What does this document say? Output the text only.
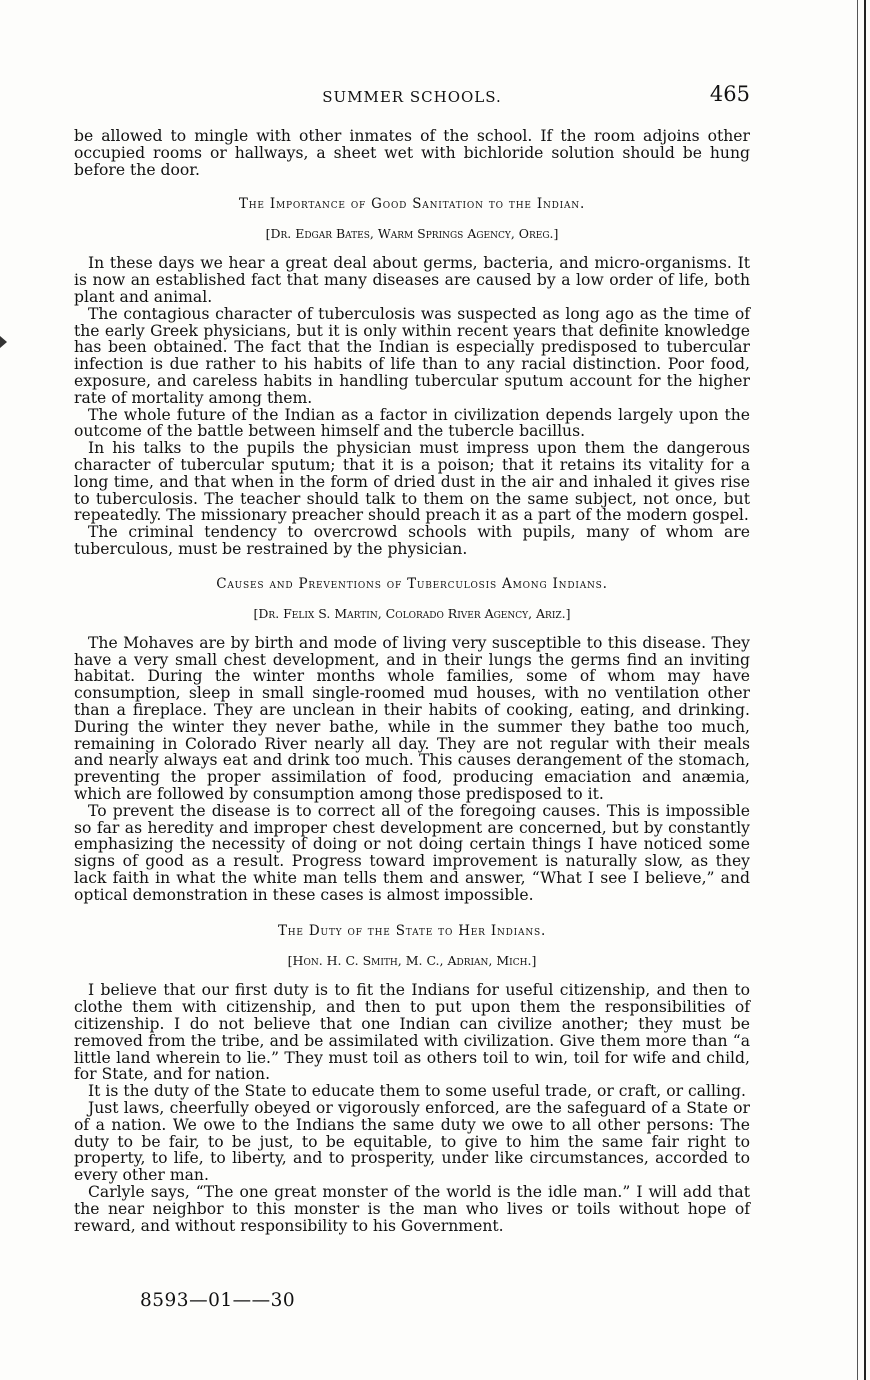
SUMMER SCHOOLS.	465

be allowed to mingle with other inmates of the school. If the room adjoins other occupied rooms or hallways, a sheet wet with bichloride solution should be hung before the door.

The Importance of Good Sanitation to the Indian.

[Dr. Edgar Bates, Warm Springs Agency, Oreg.]

In these days we hear a great deal about germs, bacteria, and micro-organisms. It is now an established fact that many diseases are caused by a low order of life, both plant and animal.

The contagious character of tuberculosis was suspected as long ago as the time of the early Greek physicians, but it is only within recent years that definite knowledge has been obtained. The fact that the Indian is especially predisposed to tubercular infection is due rather to his habits of life than to any racial distinction. Poor food, exposure, and careless habits in handling tubercular sputum account for the higher rate of mortality among them.

The whole future of the Indian as a factor in civilization depends largely upon the outcome of the battle between himself and the tubercle bacillus.

In his talks to the pupils the physician must impress upon them the dangerous character of tubercular sputum; that it is a poison; that it retains its vitality for a long time, and that when in the form of dried dust in the air and inhaled it gives rise to tuberculosis. The teacher should talk to them on the same subject, not once, but repeatedly. The missionary preacher should preach it as a part of the modern gospel.

The criminal tendency to overcrowd schools with pupils, many of whom are tuberculous, must be restrained by the physician.

Causes and Preventions of Tuberculosis Among Indians.

[Dr. Felix S. Martin, Colorado River Agency, Ariz.]

The Mohaves are by birth and mode of living very susceptible to this disease. They have a very small chest development, and in their lungs the germs find an inviting habitat. During the winter months whole families, some of whom may have consumption, sleep in small single-roomed mud houses, with no ventilation other than a fireplace. They are unclean in their habits of cooking, eating, and drinking. During the winter they never bathe, while in the summer they bathe too much, remaining in Colorado River nearly all day. They are not regular with their meals and nearly always eat and drink too much. This causes derangement of the stomach, preventing the proper assimilation of food, producing emaciation and anæmia, which are followed by consumption among those predisposed to it.

To prevent the disease is to correct all of the foregoing causes. This is impossible so far as heredity and improper chest development are concerned, but by constantly emphasizing the necessity of doing or not doing certain things I have noticed some signs of good as a result. Progress toward improvement is naturally slow, as they lack faith in what the white man tells them and answer, “What I see I believe,” and optical demonstration in these cases is almost impossible.

The Duty of the State to Her Indians.

[Hon. H. C. Smith, M. C., Adrian, Mich.]

I believe that our first duty is to fit the Indians for useful citizenship, and then to clothe them with citizenship, and then to put upon them the responsibilities of citizenship. I do not believe that one Indian can civilize another; they must be removed from the tribe, and be assimilated with civilization. Give them more than “a little land wherein to lie.” They must toil as others toil to win, toil for wife and child, for State, and for nation.

It is the duty of the State to educate them to some useful trade, or craft, or calling.

Just laws, cheerfully obeyed or vigorously enforced, are the safeguard of a State or of a nation. We owe to the Indians the same duty we owe to all other persons: The duty to be fair, to be just, to be equitable, to give to him the same fair right to property, to life, to liberty, and to prosperity, under like circumstances, accorded to every other man.

Carlyle says, “The one great monster of the world is the idle man.” I will add that the near neighbor to this monster is the man who lives or toils without hope of reward, and without responsibility to his Government.

8593—01——30
